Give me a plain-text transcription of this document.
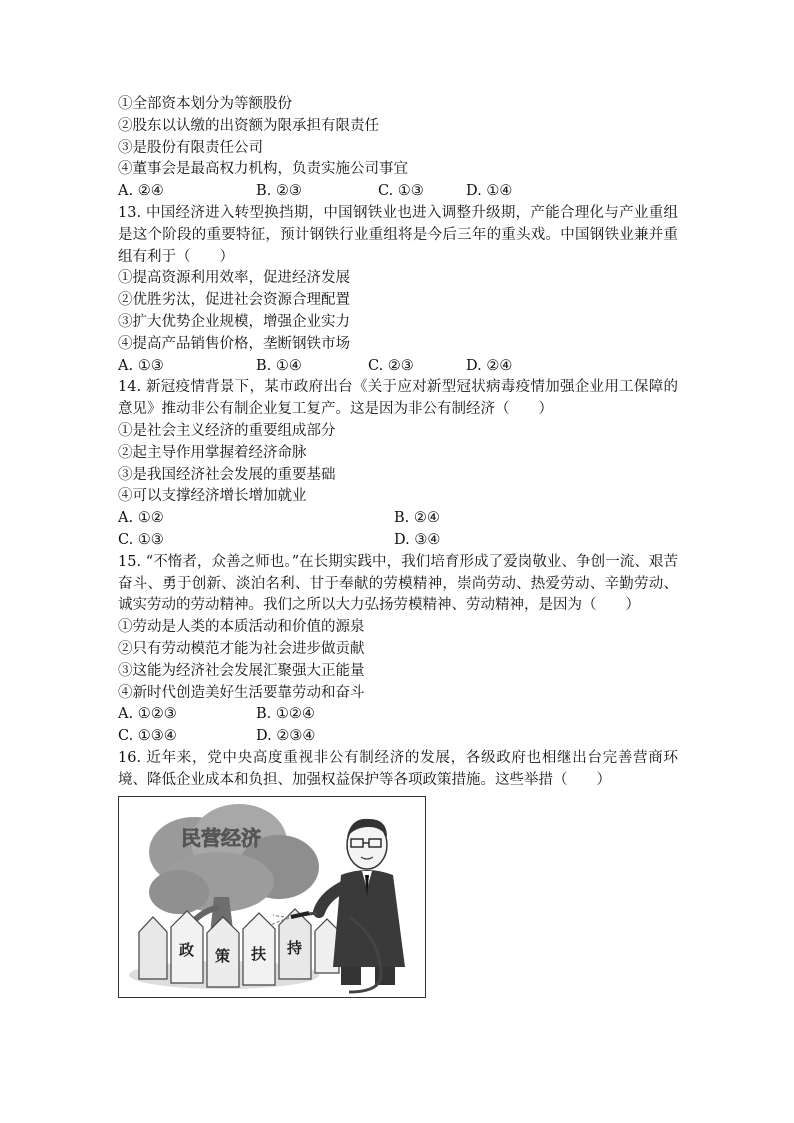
①全部资本划分为等额股份
②股东以认缴的出资额为限承担有限责任
③是股份有限责任公司
④董事会是最高权力机构，负责实施公司事宜
A. ②④	B. ②③	C. ①③	D. ①④
13. 中国经济进入转型换挡期，中国钢铁业也进入调整升级期，产能合理化与产业重组是这个阶段的重要特征，预计钢铁行业重组将是今后三年的重头戏。中国钢铁业兼并重组有利于（　　）
①提高资源利用效率，促进经济发展
②优胜劣汰，促进社会资源合理配置
③扩大优势企业规模，增强企业实力
④提高产品销售价格，垄断钢铁市场
A. ①③	B. ①④	C. ②③	D. ②④
14. 新冠疫情背景下，某市政府出台《关于应对新型冠状病毒疫情加强企业用工保障的意见》推动非公有制企业复工复产。这是因为非公有制经济（　　）
①是社会主义经济的重要组成部分
②起主导作用掌握着经济命脉
③是我国经济社会发展的重要基础
④可以支撑经济增长增加就业
A. ①②	B. ②④
C. ①③	D. ③④
15. “不惰者，众善之师也。”在长期实践中，我们培育形成了爱岗敬业、争创一流、艰苦奋斗、勇于创新、淡泊名利、甘于奉献的劳模精神，崇尚劳动、热爱劳动、辛勤劳动、诚实劳动的劳动精神。我们之所以大力弘扬劳模精神、劳动精神，是因为（　　）
①劳动是人类的本质活动和价值的源泉
②只有劳动模范才能为社会进步做贡献
③这能为经济社会发展汇聚强大正能量
④新时代创造美好生活要靠劳动和奋斗
A. ①②③	B. ①②④
C. ①③④	D. ②③④
16. 近年来，党中央高度重视非公有制经济的发展，各级政府也相继出台完善营商环境、降低企业成本和负担、加强权益保护等各项政策措施。这些举措（　　）
民营经济
政 策 扶 持
